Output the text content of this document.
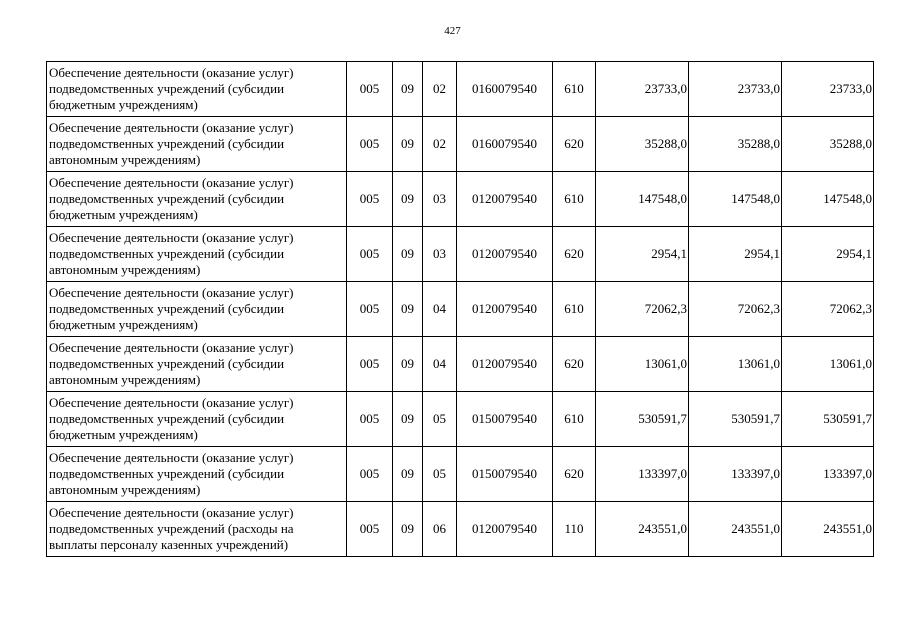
427
Обеспечение деятельности (оказание услуг) подведомственных учреждений (субсидии бюджетным учреждениям)	005	09	02	0160079540	610	23733,0	23733,0	23733,0
Обеспечение деятельности (оказание услуг) подведомственных учреждений (субсидии автономным учреждениям)	005	09	02	0160079540	620	35288,0	35288,0	35288,0
Обеспечение деятельности (оказание услуг) подведомственных учреждений (субсидии бюджетным учреждениям)	005	09	03	0120079540	610	147548,0	147548,0	147548,0
Обеспечение деятельности (оказание услуг) подведомственных учреждений (субсидии автономным учреждениям)	005	09	03	0120079540	620	2954,1	2954,1	2954,1
Обеспечение деятельности (оказание услуг) подведомственных учреждений (субсидии бюджетным учреждениям)	005	09	04	0120079540	610	72062,3	72062,3	72062,3
Обеспечение деятельности (оказание услуг) подведомственных учреждений (субсидии автономным учреждениям)	005	09	04	0120079540	620	13061,0	13061,0	13061,0
Обеспечение деятельности (оказание услуг) подведомственных учреждений (субсидии бюджетным учреждениям)	005	09	05	0150079540	610	530591,7	530591,7	530591,7
Обеспечение деятельности (оказание услуг) подведомственных учреждений (субсидии автономным учреждениям)	005	09	05	0150079540	620	133397,0	133397,0	133397,0
Обеспечение деятельности (оказание услуг) подведомственных учреждений (расходы на выплаты персоналу казенных учреждений)	005	09	06	0120079540	110	243551,0	243551,0	243551,0
